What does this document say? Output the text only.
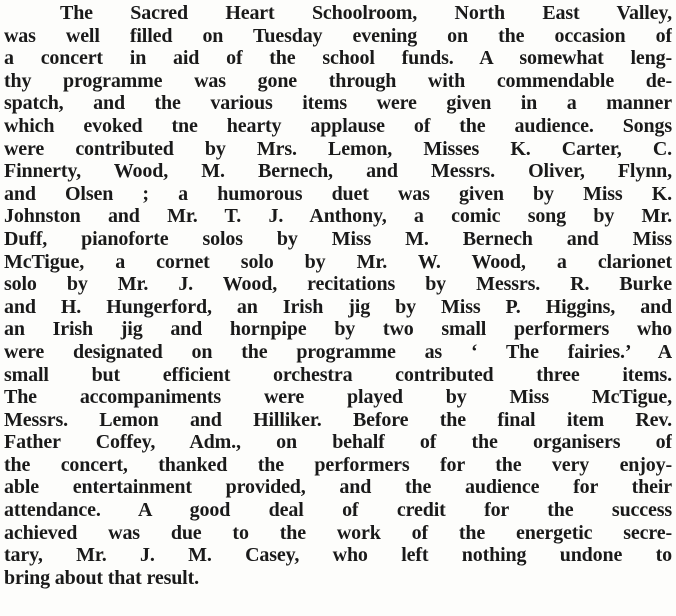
The Sacred Heart Schoolroom, North East Valley,
was well filled on Tuesday evening on the occasion of
a concert in aid of the school funds. A somewhat leng-
thy programme was gone through with commendable de-
spatch, and the various items were given in a manner
which evoked tne hearty applause of the audience. Songs
were contributed by Mrs. Lemon, Misses K. Carter, C.
Finnerty, Wood, M. Bernech, and Messrs. Oliver, Flynn,
and Olsen ; a humorous duet was given by Miss K.
Johnston and Mr. T. J. Anthony, a comic song by Mr.
Duff, pianoforte solos by Miss M. Bernech and Miss
McTigue, a cornet solo by Mr. W. Wood, a clarionet
solo by Mr. J. Wood, recitations by Messrs. R. Burke
and H. Hungerford, an Irish jig by Miss P. Higgins, and
an Irish jig and hornpipe by two small performers who
were designated on the programme as ‘ The fairies.’ A
small but efficient orchestra contributed three items.
The accompaniments were played by Miss McTigue,
Messrs. Lemon and Hilliker. Before the final item Rev.
Father Coffey, Adm., on behalf of the organisers of
the concert, thanked the performers for the very enjoy-
able entertainment provided, and the audience for their
attendance. A good deal of credit for the success
achieved was due to the work of the energetic secre-
tary, Mr. J. M. Casey, who left nothing undone to
bring about that result.
